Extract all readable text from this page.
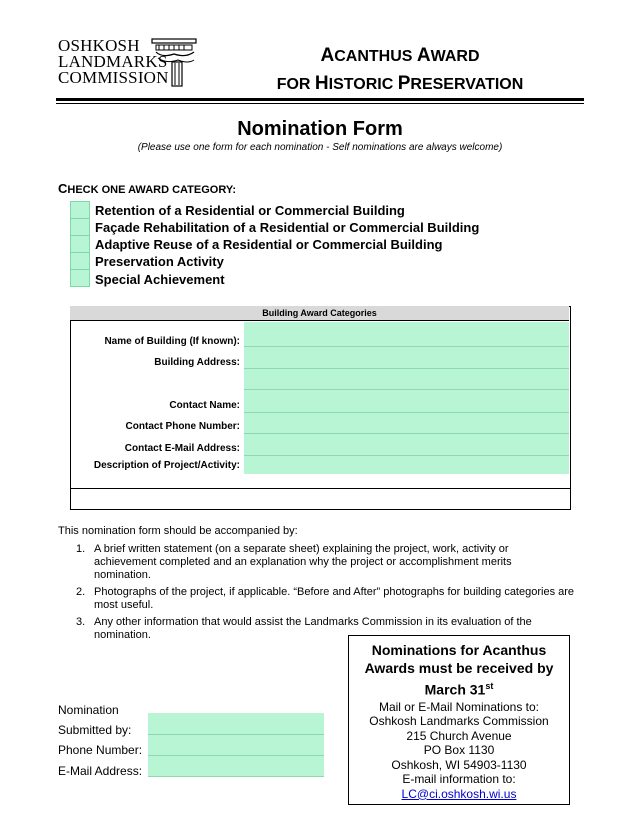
OSHKOSH
LANDMARKS
COMMISSION
ACANTHUS AWARD
FOR HISTORIC PRESERVATION
Nomination Form
(Please use one form for each nomination - Self nominations are always welcome)
CHECK ONE AWARD CATEGORY:
Retention of a Residential or Commercial Building
Façade Rehabilitation of a Residential or Commercial Building
Adaptive Reuse of a Residential or Commercial Building
Preservation Activity
Special Achievement
Building Award Categories
Name of Building (If known):
Building Address:
Contact Name:
Contact Phone Number:
Contact E-Mail Address:
Description of Project/Activity:
This nomination form should be accompanied by:
1. A brief written statement (on a separate sheet) explaining the project, work, activity or achievement completed and an explanation why the project or accomplishment merits nomination.
2. Photographs of the project, if applicable. “Before and After” photographs for building categories are most useful.
3. Any other information that would assist the Landmarks Commission in its evaluation of the nomination.
Nomination
Submitted by:
Phone Number:
E-Mail Address:
Nominations for Acanthus
Awards must be received by
March 31st
Mail or E-Mail Nominations to:
Oshkosh Landmarks Commission
215 Church Avenue
PO Box 1130
Oshkosh, WI 54903-1130
E-mail information to:
LC@ci.oshkosh.wi.us
